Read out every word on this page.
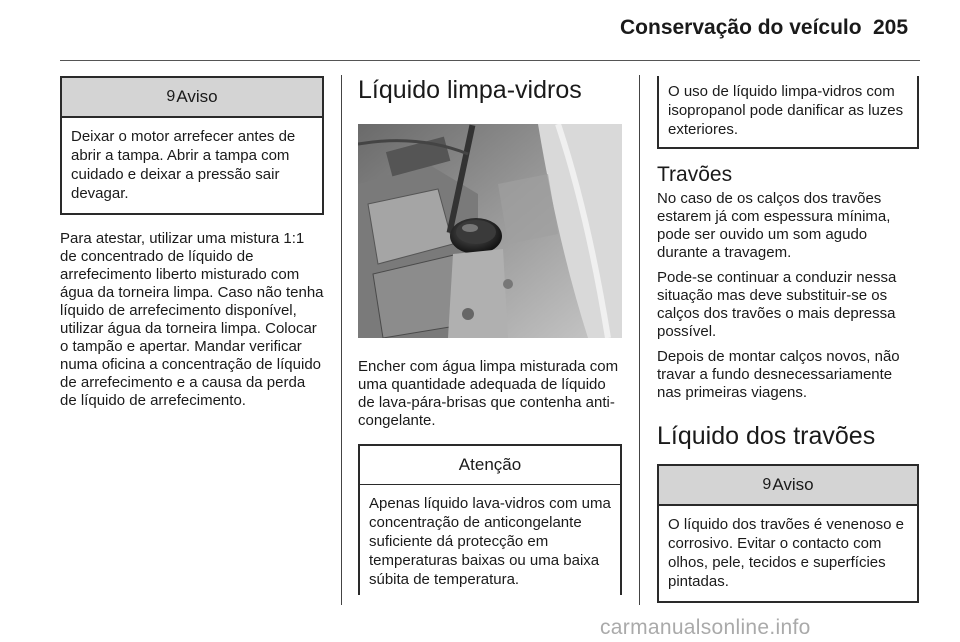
Conservação do veículo 205
9 Aviso
Deixar o motor arrefecer antes de abrir a tampa. Abrir a tampa com cuidado e deixar a pressão sair devagar.

Para atestar, utilizar uma mistura 1:1 de concentrado de líquido de arrefecimento liberto misturado com água da torneira limpa. Caso não tenha líquido de arrefecimento disponível, utilizar água da torneira limpa. Colocar o tampão e apertar. Mandar verificar numa oficina a concentração de líquido de arrefecimento e a causa da perda de líquido de arrefecimento.

Líquido limpa-vidros

Encher com água limpa misturada com uma quantidade adequada de líquido de lava-pára-brisas que contenha anti-congelante.

Atenção
Apenas líquido lava-vidros com uma concentração de anticongelante suficiente dá protecção em temperaturas baixas ou uma baixa súbita de temperatura.
O uso de líquido limpa-vidros com isopropanol pode danificar as luzes exteriores.
Travões

No caso de os calços dos travões estarem já com espessura mínima, pode ser ouvido um som agudo durante a travagem.

Pode-se continuar a conduzir nessa situação mas deve substituir-se os calços dos travões o mais depressa possível.

Depois de montar calços novos, não travar a fundo desnecessariamente nas primeiras viagens.

Líquido dos travões
9 Aviso
O líquido dos travões é venenoso e corrosivo. Evitar o contacto com olhos, pele, tecidos e superfícies pintadas.
carmanualsonline.info
